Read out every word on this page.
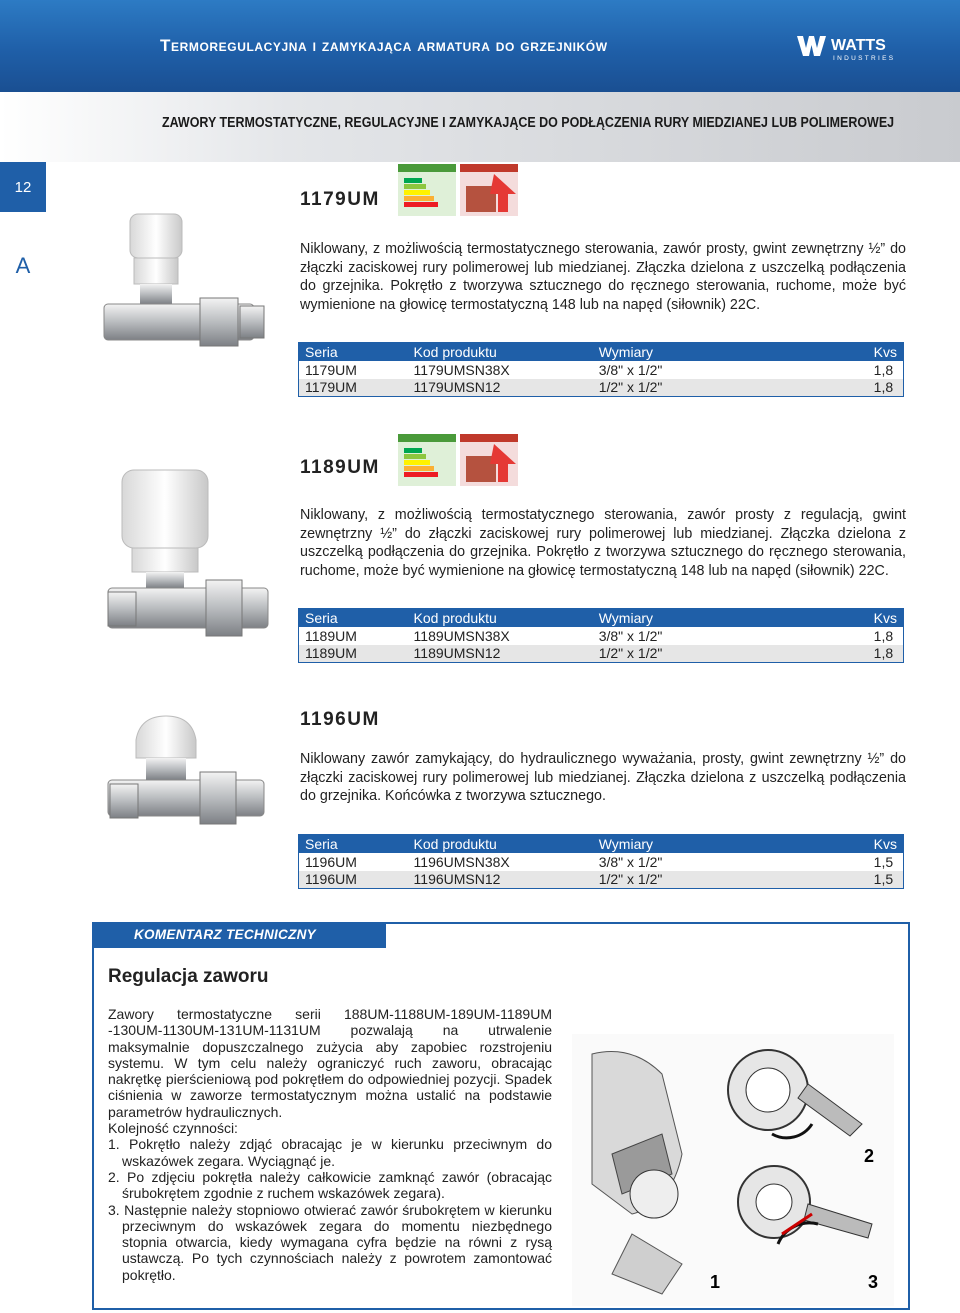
Termoregulacyjna i zamykająca armatura do grzejników	WATTS
INDUSTRIES
ZAWORY TERMOSTATYCZNE, REGULACYJNE I ZAMYKAJĄCE DO PODŁĄCZENIA RURY MIEDZIANEJ LUB POLIMEROWEJ
12
A
1179UM
Niklowany, z możliwością termostatycznego sterowania, zawór prosty, gwint zewnętrzny ½” do złączki zaciskowej rury polimerowej lub miedzianej. Złączka dzielona z uszczelką podłączenia do grzejnika. Pokrętło z tworzywa sztucznego do ręcznego sterowania, ruchome, może być wymienione na głowicę termostatyczną 148 lub na napęd (siłownik) 22C.
Seria	Kod produktu	Wymiary	Kvs
1179UM	1179UMSN38X	3/8" x 1/2"	1,8
1179UM	1179UMSN12	1/2" x 1/2"	1,8
1189UM
Niklowany, z możliwością termostatycznego sterowania, zawór prosty z regulacją, gwint zewnętrzny ½” do złączki zaciskowej rury polimerowej lub miedzianej. Złączka dzielona z uszczelką podłączenia do grzejnika. Pokrętło z tworzywa sztucznego do ręcznego sterowania, ruchome, może być wymienione na głowicę termostatyczną 148 lub na napęd (siłownik) 22C.
Seria	Kod produktu	Wymiary	Kvs
1189UM	1189UMSN38X	3/8" x 1/2"	1,8
1189UM	1189UMSN12	1/2" x 1/2"	1,8
1196UM
Niklowany zawór zamykający, do hydraulicznego wyważania, prosty, gwint zewnętrzny ½” do złączki zaciskowej rury polimerowej lub miedzianej. Złączka dzielona z uszczelką podłączenia do grzejnika. Końcówka z tworzywa sztucznego.
Seria	Kod produktu	Wymiary	Kvs
1196UM	1196UMSN38X	3/8" x 1/2"	1,5
1196UM	1196UMSN12	1/2" x 1/2"	1,5
KOMENTARZ TECHNICZNY
Regulacja zaworu
Zawory termostatyczne serii 188UM-1188UM-189UM-1189UM -130UM-1130UM-131UM-1131UM pozwalają na utrwalenie maksymalnie dopuszczalnego zużycia aby zapobiec rozstrojeniu systemu. W tym celu należy ograniczyć ruch zaworu, obracając nakrętkę pierścieniową pod pokrętłem do odpowiedniej pozycji. Spadek ciśnienia w zaworze termostatycznym można ustalić na podstawie parametrów hydraulicznych.
Kolejność czynności:
1. Pokrętło należy zdjąć obracając je w kierunku przeciwnym do wskazówek zegara. Wyciągnąć je.
2. Po zdjęciu pokrętła należy całkowicie zamknąć zawór (obracając śrubokrętem zgodnie z ruchem wskazówek zegara).
3. Następnie należy stopniowo otwierać zawór śrubokrętem w kierunku przeciwnym do wskazówek zegara do momentu niezbędnego stopnia otwarcia, kiedy wymagana cyfra będzie na równi z rysą ustawczą. Po tych czynnościach należy z powrotem zamontować pokrętło.	1
2
3
